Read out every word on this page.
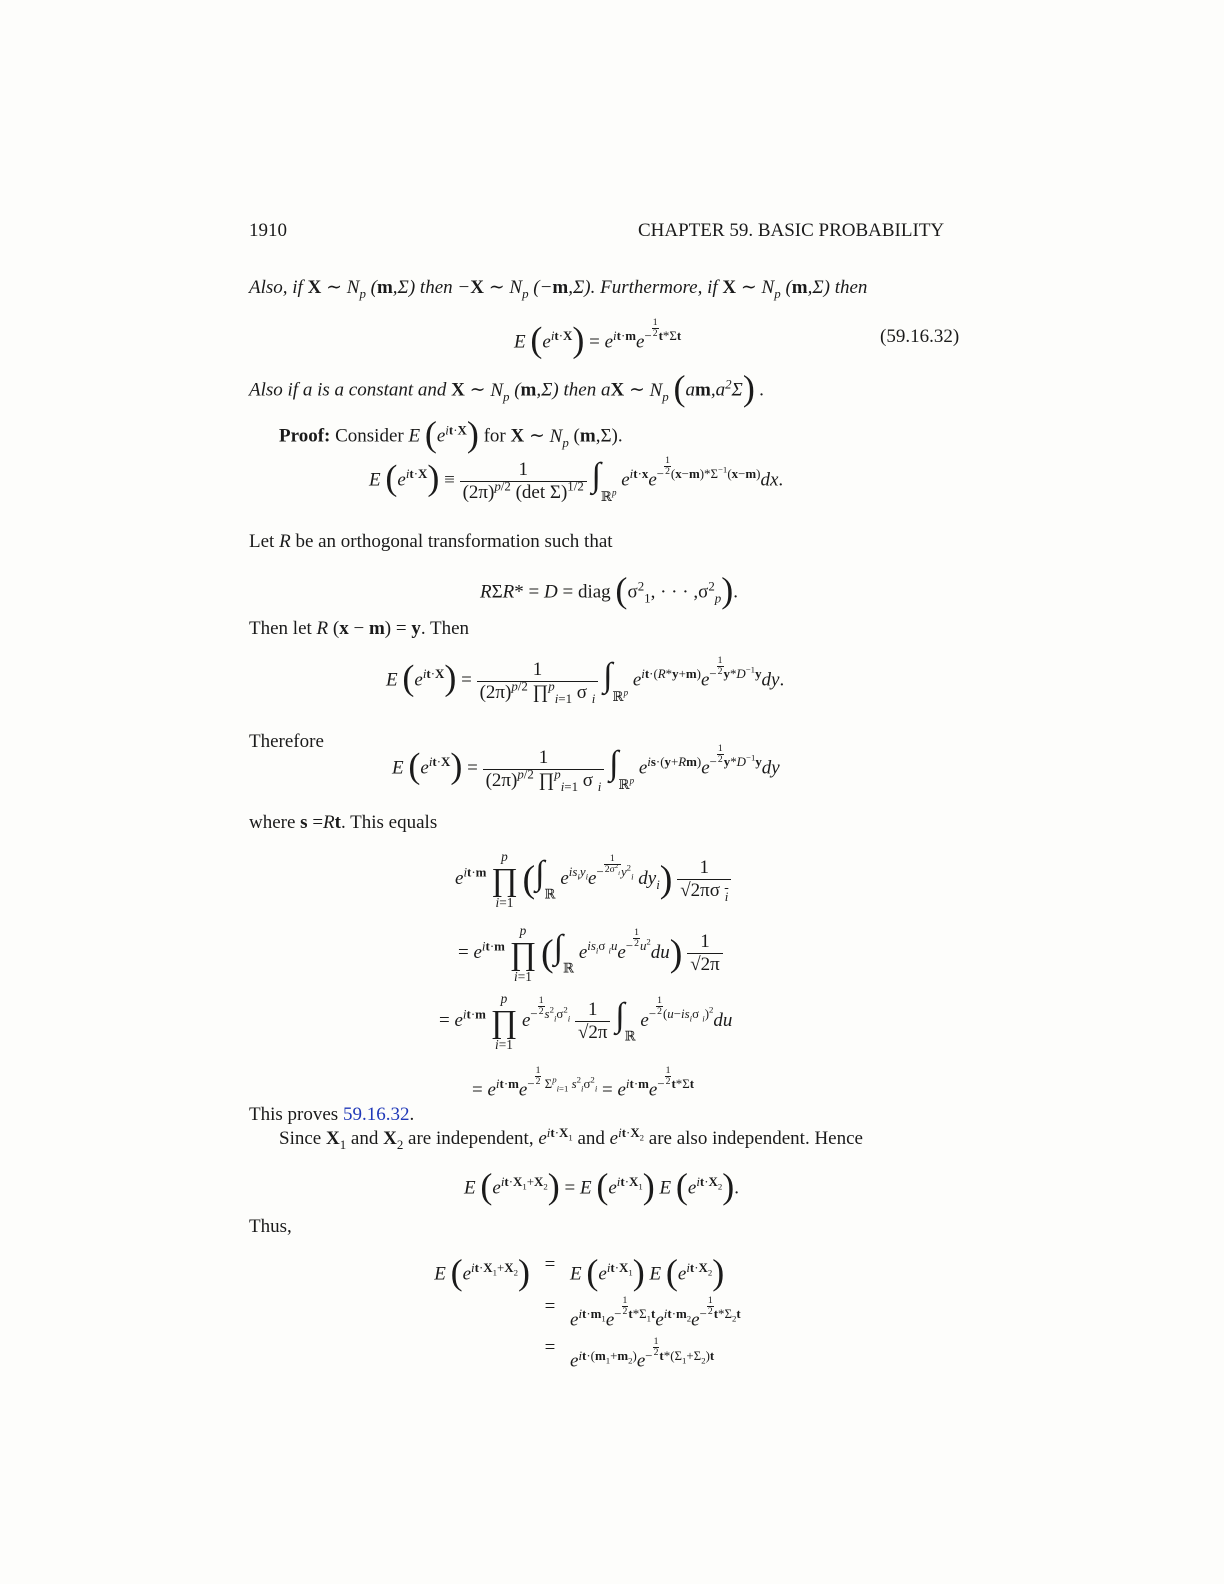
1910	CHAPTER 59. BASIC PROBABILITY
Also, if X ∼ $N_p$ (m,Σ) then −X ∼ $N_p$ (−m,Σ). Furthermore, if X ∼ $N_p$ (m,Σ) then
E $(e^{it\cdot X}) = e^{it\cdot m}e^{- \frac{1}{2} t*\Sigma t}$	(59.16.32)
Also if a is a constant and X ∼ $N_p$ (m,Σ) then aX ∼ $N_p$ $(am,a^2\Sigma)$ .
Proof: Consider E $(e^{it\cdot X})$ for X ∼ $N_p$ (m,Σ).
E $(e^{it\cdot X}) \equiv \frac{1}{(2\pi)^{p/2} (\det \Sigma)^{1/2}} \int_{ℝ^p}$ $e^{it\cdot x}e^{- \frac{1}{2} (x-m)*\Sigma^{-1}(x-m)}dx$.
Let R be an orthogonal transformation such that
RΣR* = D = diag ($\sigma^2_1$, · · · $,\sigma^2_p$).
Then let R (x − m) = y. Then
E $(e^{it\cdot X}) = \frac{1}{(2\pi)^{p/2} \prod^p_{i=1} \sigma _i} \int_{ℝ^p}$ $e^{it\cdot(R*y+m)}e^{- \frac{1}{2} y*D^{-1}y}dy$.
Therefore
E $(e^{it\cdot X}) = \frac{1}{(2\pi)^{p/2} \prod^p_{i=1} \sigma _i} \int_{ℝ^p}$ $e^{is\cdot(y+Rm)}e^{- \frac{1}{2} y*D^{-1}y}dy$
where s =Rt. This equals
$e^{it\cdot m}$
p
∏
i=1
($\int_ℝ$ $e^{is_iy_i}e^{- \frac{1}{2\sigma^2_i} y^2_i}$ $dy_i) \frac{1}{√2\pi\sigma _i}$
= $e^{it\cdot m}$
p
∏
i=1
($\int_ℝ$ $e^{is_i\sigma _iu}e^{- \frac{1}{2} u^2}du) \frac{1}{√2\pi}$
= $e^{it\cdot m}$
p
∏
i=1
$e^{- \frac{1}{2} s^2_i\sigma^2_i} \frac{1}{√2\pi} \int_ℝ$ $e^{- \frac{1}{2} (u-is_i\sigma _i)^2}du$
= $e^{it\cdot m}e^{- \frac{1}{2} \Sigma^p_{i=1} s^2_i\sigma^2_i} = e^{it\cdot m}e^{- \frac{1}{2} t*\Sigma t}$
This proves 59.16.32.
Since $X_1$ and $X_2$ are independent, $e^{it\cdot X_1}$ and $e^{it\cdot X_2}$ are also independent. Hence
E $(e^{it\cdot X_1+X_2}) = E$ $(e^{it\cdot X_1})$ E $(e^{it\cdot X_2})$.
Thus,
E $(e^{it\cdot X_1+X_2}) = E$ $(e^{it\cdot X_1})$ E $(e^{it\cdot X_2})$
=
$e^{it\cdot m_1}e^{- \frac{1}{2} t*\Sigma_1t}e^{it\cdot m_2}e^{- \frac{1}{2} t*\Sigma_2t}$
=
$e^{it\cdot(m_1+m_2)}e^{- \frac{1}{2} t*(\Sigma_1+\Sigma_2)t}$
